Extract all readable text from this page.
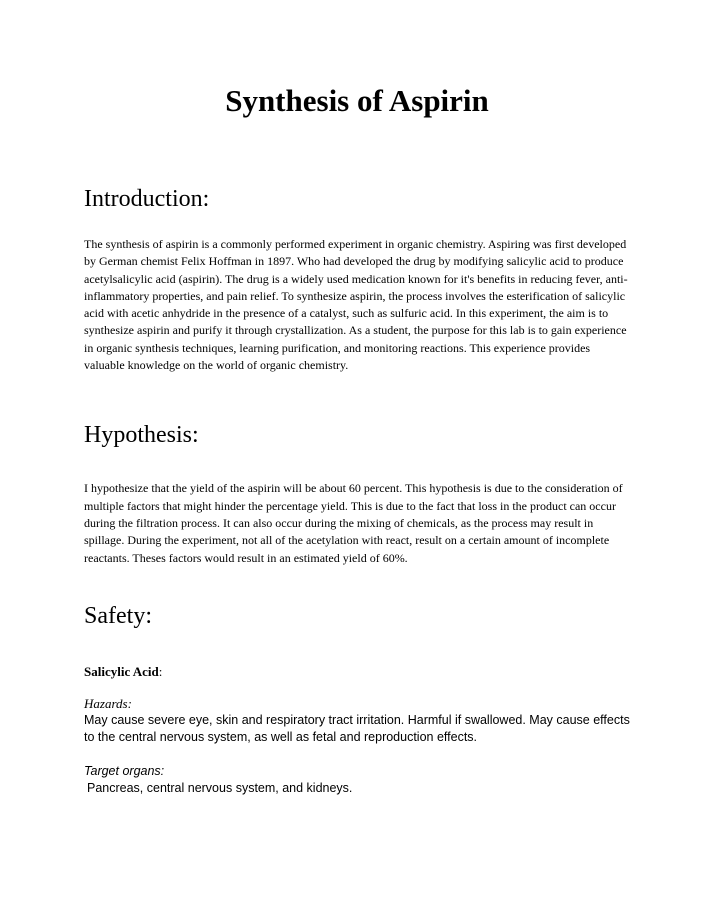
Synthesis of Aspirin
Introduction:

The synthesis of aspirin is a commonly performed experiment in organic chemistry. Aspiring was first developed by German chemist Felix Hoffman in 1897. Who had developed the drug by modifying salicylic acid to produce acetylsalicylic acid (aspirin). The drug is a widely used medication known for it's benefits in reducing fever, anti-inflammatory properties, and pain relief. To synthesize aspirin, the process involves the esterification of salicylic acid with acetic anhydride in the presence of a catalyst, such as sulfuric acid. In this experiment, the aim is to synthesize aspirin and purify it through crystallization. As a student, the purpose for this lab is to gain experience in organic synthesis techniques, learning purification, and monitoring reactions. This experience provides valuable knowledge on the world of organic chemistry.

Hypothesis:

I hypothesize that the yield of the aspirin will be about 60 percent. This hypothesis is due to the consideration of multiple factors that might hinder the percentage yield. This is due to the fact that loss in the product can occur during the filtration process. It can also occur during the mixing of chemicals, as the process may result in spillage. During the experiment, not all of the acetylation with react, result on a certain amount of incomplete reactants. Theses factors would result in an estimated yield of 60%.

Safety:

Salicylic Acid:

Hazards:

May cause severe eye, skin and respiratory tract irritation. Harmful if swallowed. May cause effects to the central nervous system, as well as fetal and reproduction effects.

Target organs:

Pancreas, central nervous system, and kidneys.
